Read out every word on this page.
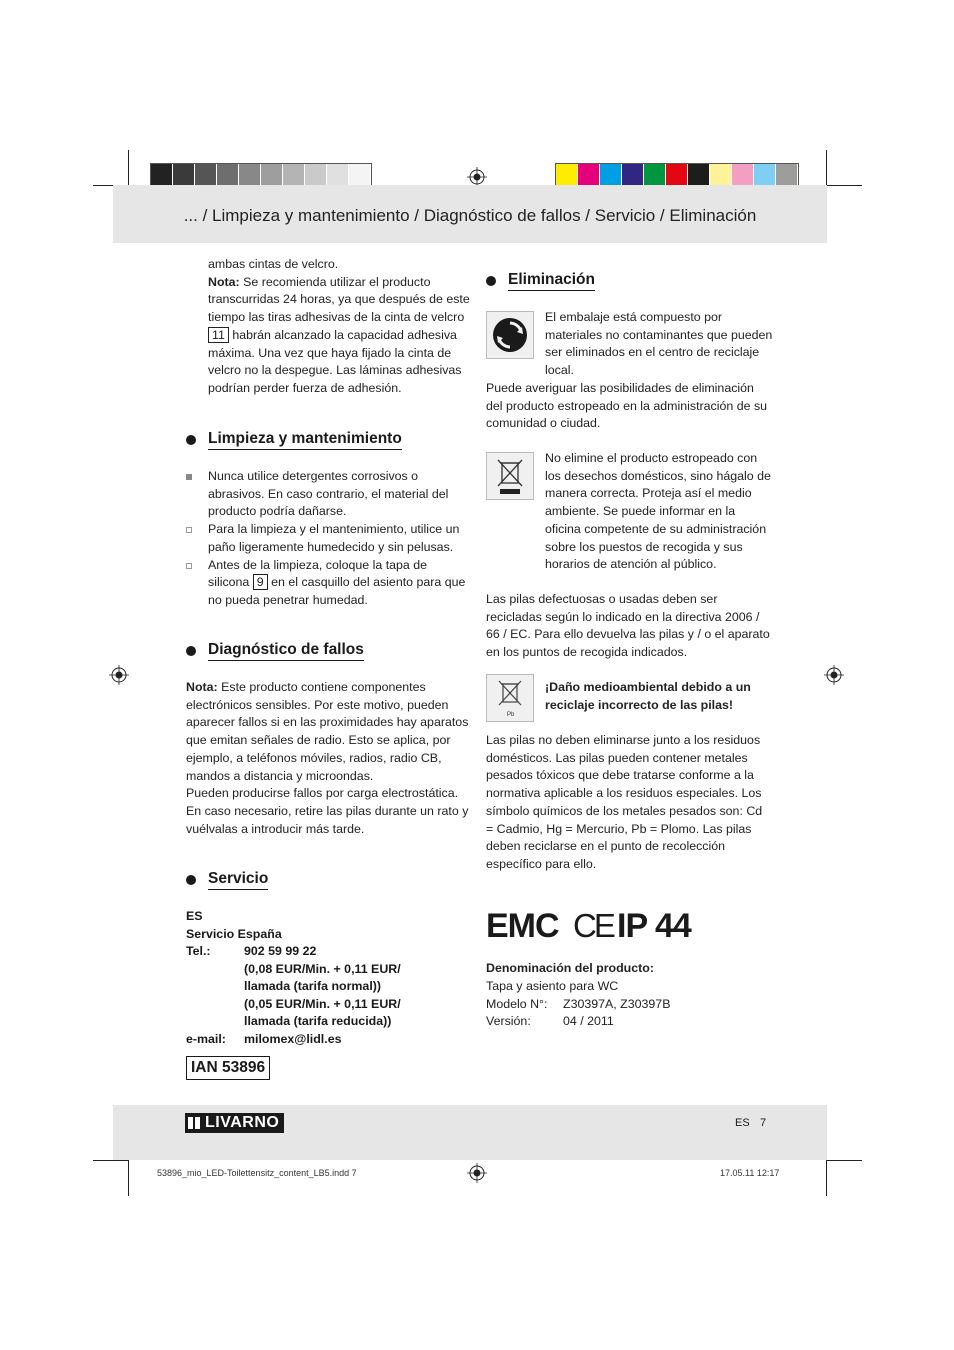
... / Limpieza y mantenimiento / Diagnóstico de fallos / Servicio / Eliminación

ambas cintas de velcro.

Nota: Se recomienda utilizar el producto transcurridas 24 horas, ya que después de este tiempo las tiras adhesivas de la cinta de velcro 11 habrán alcanzado la capacidad adhesiva máxima. Una vez que haya fijado la cinta de velcro no la despegue. Las láminas adhesivas podrían perder fuerza de adhesión.

Limpieza y mantenimiento
Nunca utilice detergentes corrosivos o abrasivos. En caso contrario, el material del producto podría dañarse.
Para la limpieza y el mantenimiento, utilice un paño ligeramente humedecido y sin pelusas.
Antes de la limpieza, coloque la tapa de silicona 9 en el casquillo del asiento para que no pueda penetrar humedad.
Diagnóstico de fallos

Nota: Este producto contiene componentes electrónicos sensibles. Por este motivo, pueden aparecer fallos si en las proximidades hay aparatos que emitan señales de radio. Esto se aplica, por ejemplo, a teléfonos móviles, radios, radio CB, mandos a distancia y microondas.

Pueden producirse fallos por carga electrostática. En caso necesario, retire las pilas durante un rato y vuélvalas a introducir más tarde.

Servicio
ES
Servicio España
Tel.:	902 59 99 22
(0,08 EUR/Min. + 0,11 EUR/
llamada (tarifa normal))
(0,05 EUR/Min. + 0,11 EUR/
llamada (tarifa reducida))
e-mail: milomex@lidl.es
IAN 53896
Eliminación
El embalaje está compuesto por materiales no contaminantes que pueden ser eliminados en el centro de reciclaje local.
Puede averiguar las posibilidades de eliminación del producto estropeado en la administración de su comunidad o ciudad.
No elimine el producto estropeado con los desechos domésticos, sino hágalo de manera correcta. Proteja así el medio ambiente. Se puede informar en la oficina competente de su administración sobre los puestos de recogida y sus horarios de atención al público.
Las pilas defectuosas o usadas deben ser recicladas según lo indicado en la directiva 2006 / 66 / EC. Para ello devuelva las pilas y / o el aparato en los puntos de recogida indicados.
Pb
¡Daño medioambiental debido a un reciclaje incorrecto de las pilas!
Las pilas no deben eliminarse junto a los residuos domésticos. Las pilas pueden contener metales pesados tóxicos que debe tratarse conforme a la normativa aplicable a los residuos especiales. Los símbolo químicos de los metales pesados son: Cd = Cadmio, Hg = Mercurio, Pb = Plomo. Las pilas deben reciclarse en el punto de recolección específico para ello.
EMC CE IP 44
Denominación del producto:
Tapa y asiento para WC
Modelo N°: Z30397A, Z30397B
Versión:	04 / 2011
LIVARNO	ES 7
53896_mio_LED-Toilettensitz_content_LB5.indd 7	17.05.11 12:17
